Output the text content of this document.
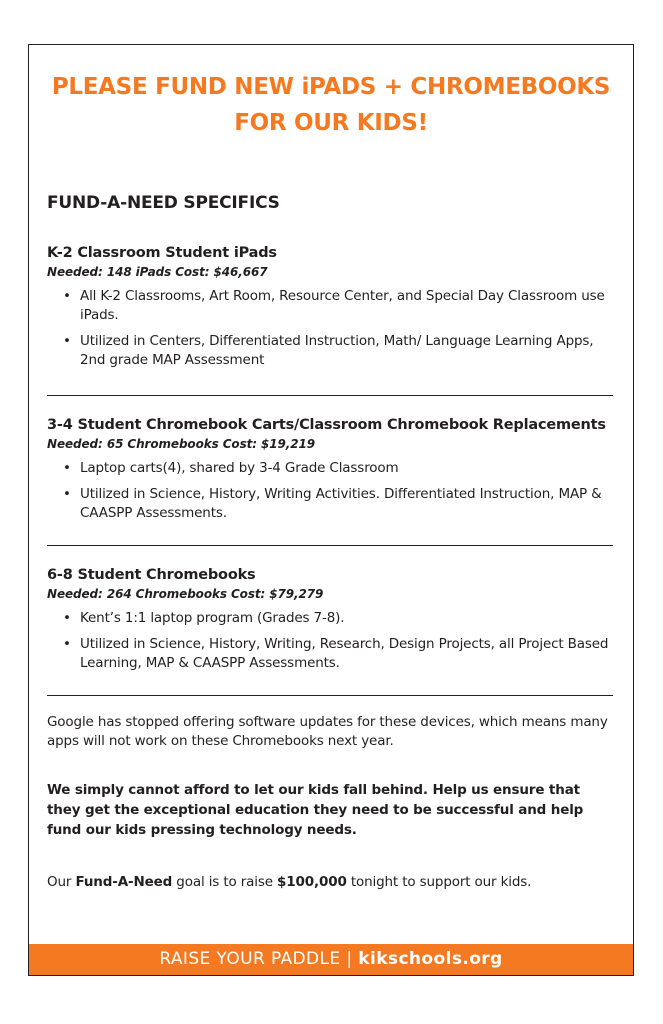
PLEASE FUND NEW iPADS + CHROMEBOOKS
FOR OUR KIDS!
FUND-A-NEED SPECIFICS
K-2 Classroom Student iPads
Needed: 148 iPads Cost: $46,667
• All K-2 Classrooms, Art Room, Resource Center, and Special Day Classroom use iPads.
• Utilized in Centers, Differentiated Instruction, Math/ Language Learning Apps, 2nd grade MAP Assessment
3-4 Student Chromebook Carts/Classroom Chromebook Replacements
Needed: 65 Chromebooks Cost: $19,219
• Laptop carts(4), shared by 3-4 Grade Classroom
• Utilized in Science, History, Writing Activities. Differentiated Instruction, MAP & CAASPP Assessments.
6-8 Student Chromebooks
Needed: 264 Chromebooks Cost: $79,279
• Kent’s 1:1 laptop program (Grades 7-8).
• Utilized in Science, History, Writing, Research, Design Projects, all Project Based Learning, MAP & CAASPP Assessments.
Google has stopped offering software updates for these devices, which means many apps will not work on these Chromebooks next year.
We simply cannot afford to let our kids fall behind. Help us ensure that they get the exceptional education they need to be successful and help fund our kids pressing technology needs.
Our Fund-A-Need goal is to raise $100,000 tonight to support our kids.
RAISE YOUR PADDLE | kikschools.org
